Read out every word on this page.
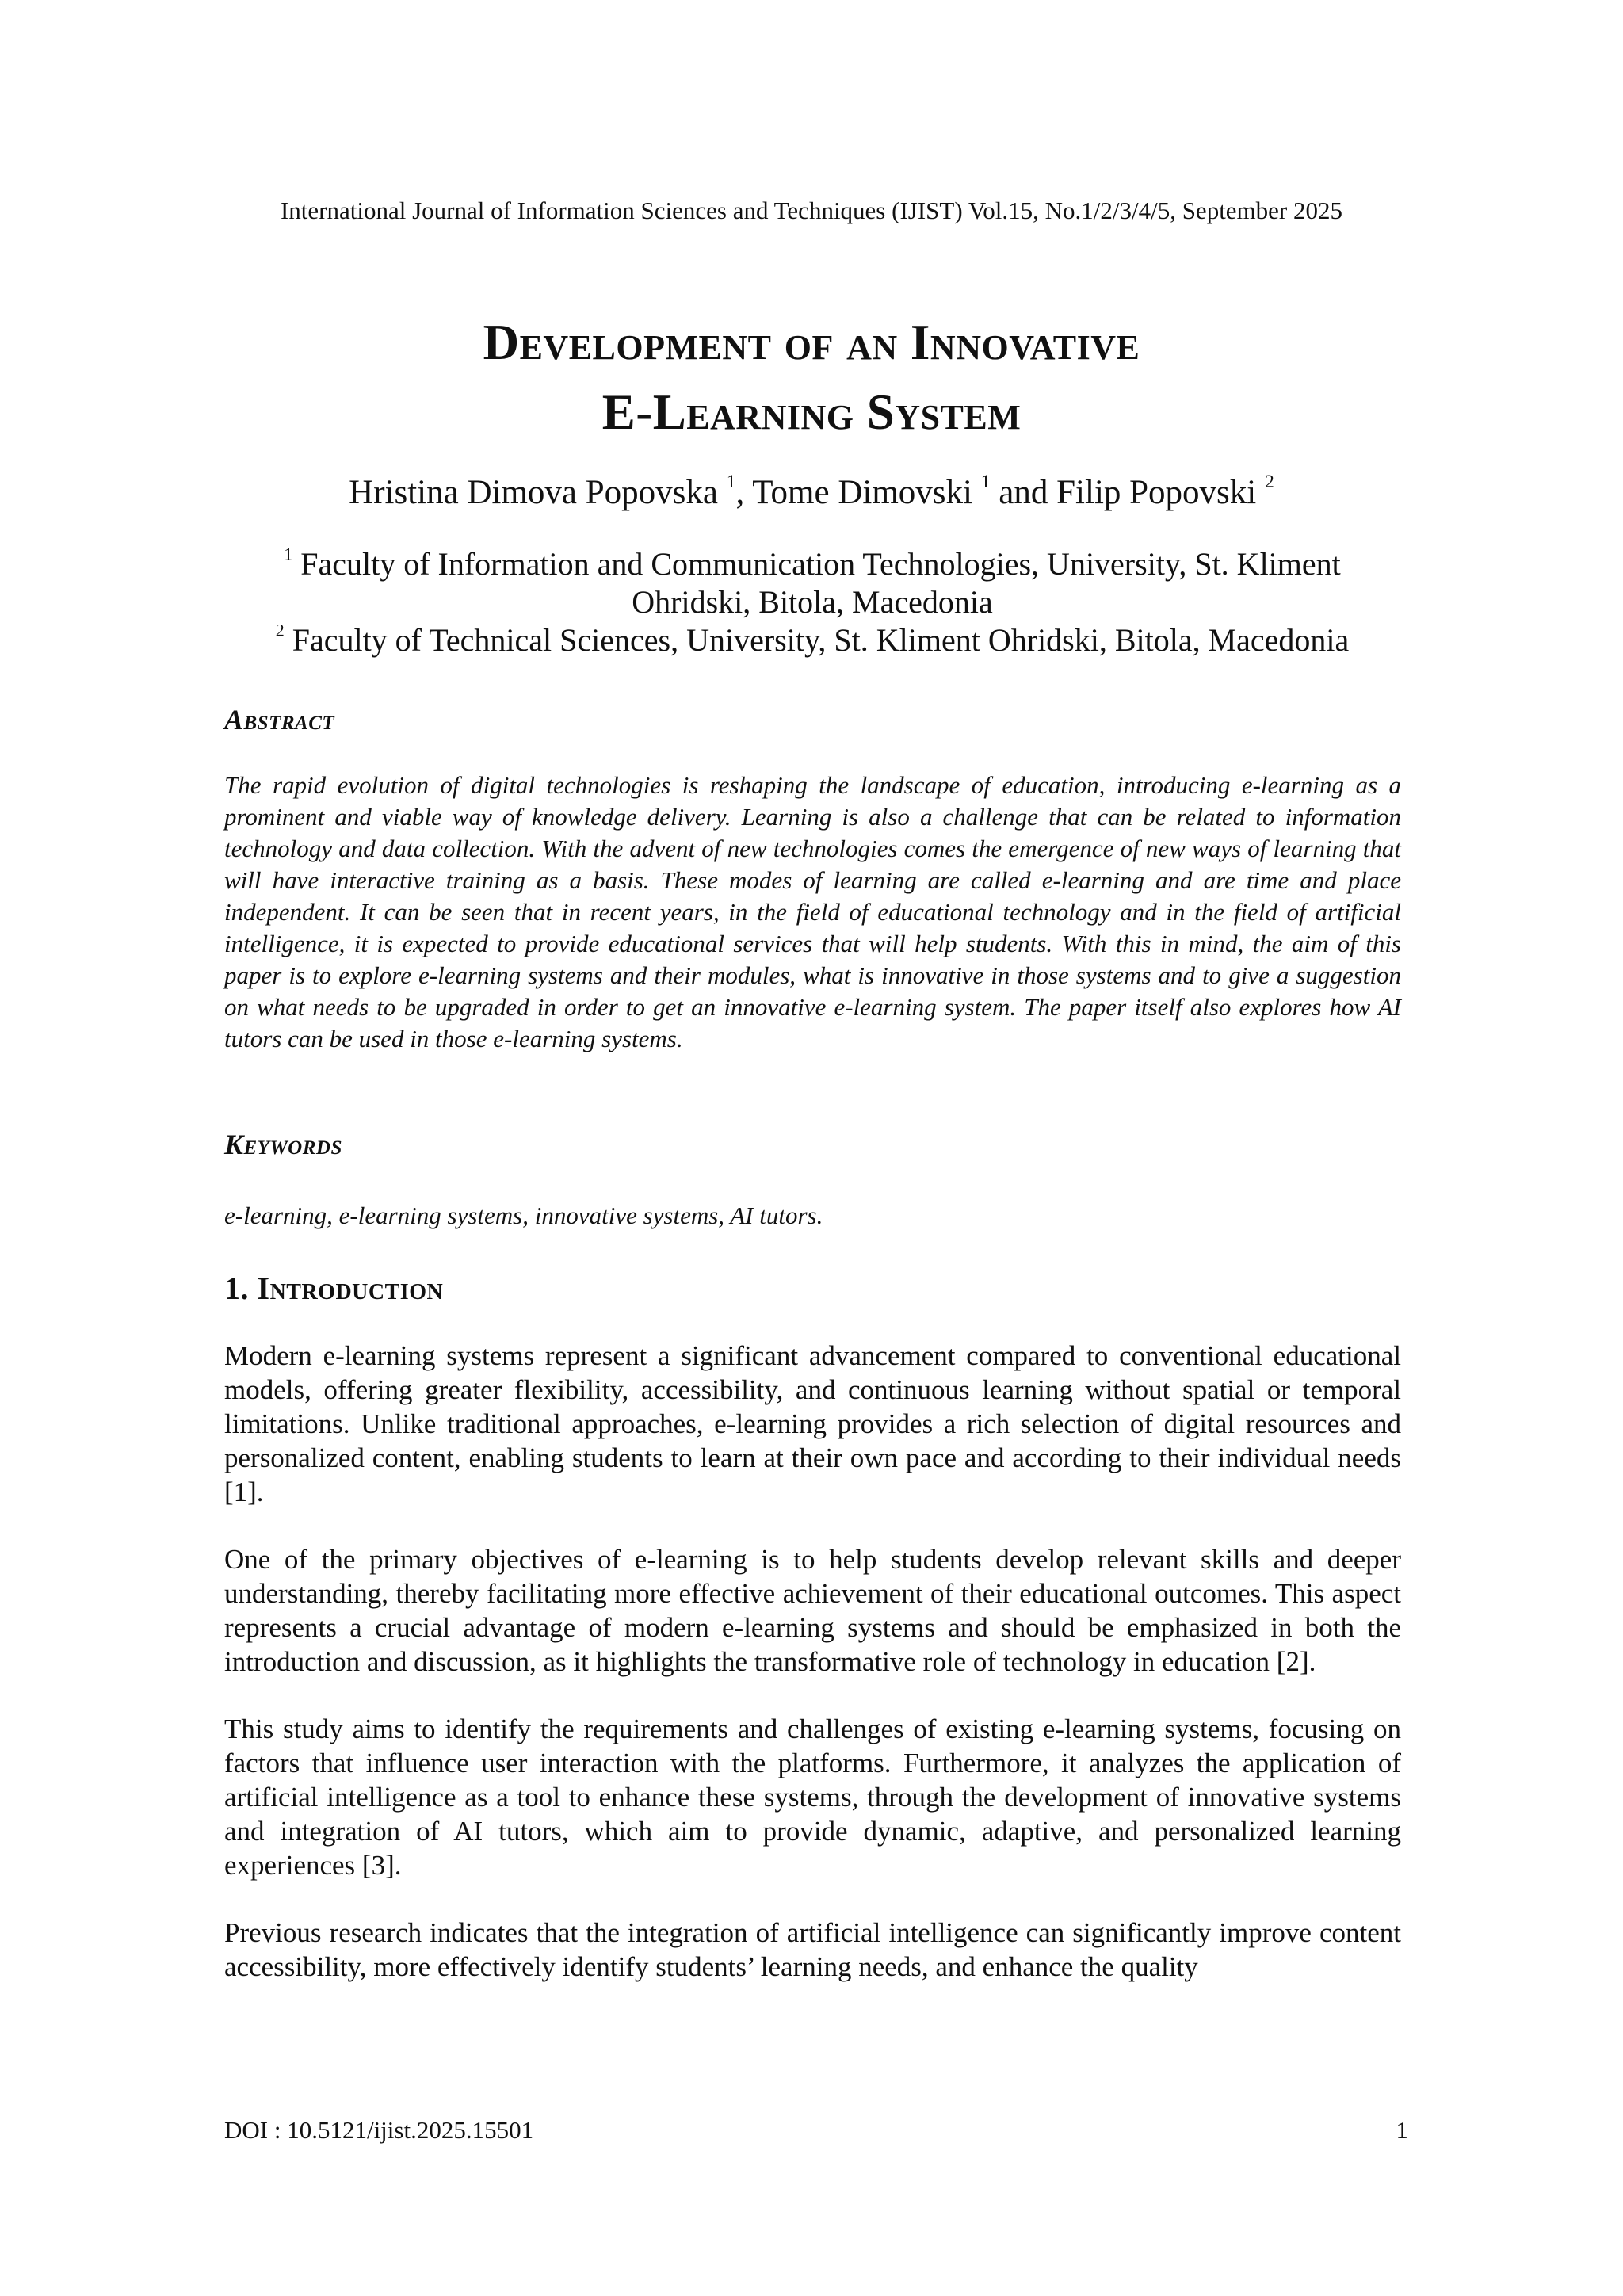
International Journal of Information Sciences and Techniques (IJIST) Vol.15, No.1/2/3/4/5, September 2025
Development of an Innovative
E-Learning System
Hristina Dimova Popovska $^1$, Tome Dimovski $^1$ and Filip Popovski $^2$
$^1$ Faculty of Information and Communication Technologies, University, St. Kliment Ohridski, Bitola, Macedonia
$^2$ Faculty of Technical Sciences, University, St. Kliment Ohridski, Bitola, Macedonia
Abstract
The rapid evolution of digital technologies is reshaping the landscape of education, introducing e-learning as a prominent and viable way of knowledge delivery. Learning is also a challenge that can be related to information technology and data collection. With the advent of new technologies comes the emergence of new ways of learning that will have interactive training as a basis. These modes of learning are called e-learning and are time and place independent. It can be seen that in recent years, in the field of educational technology and in the field of artificial intelligence, it is expected to provide educational services that will help students. With this in mind, the aim of this paper is to explore e-learning systems and their modules, what is innovative in those systems and to give a suggestion on what needs to be upgraded in order to get an innovative e-learning system. The paper itself also explores how AI tutors can be used in those e-learning systems.
Keywords
e-learning, e-learning systems, innovative systems, AI tutors.
1. Introduction

Modern e-learning systems represent a significant advancement compared to conventional educational models, offering greater flexibility, accessibility, and continuous learning without spatial or temporal limitations. Unlike traditional approaches, e-learning provides a rich selection of digital resources and personalized content, enabling students to learn at their own pace and according to their individual needs [1].

One of the primary objectives of e-learning is to help students develop relevant skills and deeper understanding, thereby facilitating more effective achievement of their educational outcomes. This aspect represents a crucial advantage of modern e-learning systems and should be emphasized in both the introduction and discussion, as it highlights the transformative role of technology in education [2].

This study aims to identify the requirements and challenges of existing e-learning systems, focusing on factors that influence user interaction with the platforms. Furthermore, it analyzes the application of artificial intelligence as a tool to enhance these systems, through the development of innovative systems and integration of AI tutors, which aim to provide dynamic, adaptive, and personalized learning experiences [3].

Previous research indicates that the integration of artificial intelligence can significantly improve content accessibility, more effectively identify students’ learning needs, and enhance the quality

DOI : 10.5121/ijist.2025.15501	1
